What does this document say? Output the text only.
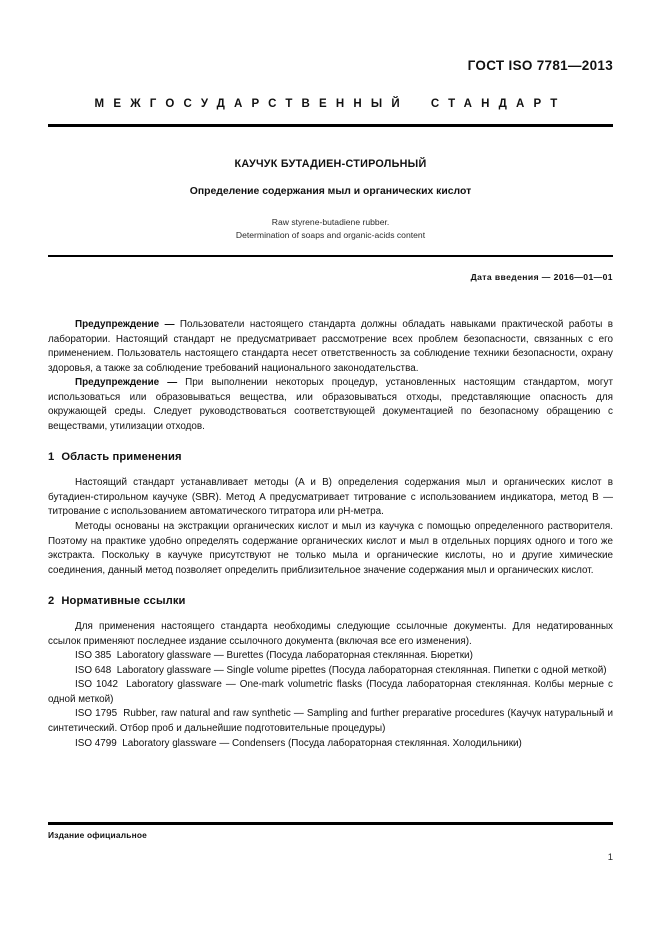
ГОСТ ISO 7781—2013
МЕЖГОСУДАРСТВЕННЫЙ СТАНДАРТ
КАУЧУК БУТАДИЕН-СТИРОЛЬНЫЙ
Определение содержания мыл и органических кислот
Raw styrene-butadiene rubber.
Determination of soaps and organic-acids content
Дата введения — 2016—01—01

Предупреждение — Пользователи настоящего стандарта должны обладать навыками практической работы в лаборатории. Настоящий стандарт не предусматривает рассмотрение всех проблем безопасности, связанных с его применением. Пользователь настоящего стандарта несет ответственность за соблюдение техники безопасности, охрану здоровья, а также за соблюдение требований национального законодательства.

Предупреждение — При выполнении некоторых процедур, установленных настоящим стандартом, могут использоваться или образовываться вещества, или образовываться отходы, представляющие опасность для окружающей среды. Следует руководствоваться соответствующей документацией по безопасному обращению с веществами, утилизации отходов.

1 Область применения

Настоящий стандарт устанавливает методы (A и B) определения содержания мыл и органических кислот в бутадиен-стирольном каучуке (SBR). Метод A предусматривает титрование с использованием индикатора, метод B — титрование с использованием автоматического титратора или pH-метра.

Методы основаны на экстракции органических кислот и мыл из каучука с помощью определенного растворителя. Поэтому на практике удобно определять содержание органических кислот и мыл в отдельных порциях одного и того же экстракта. Поскольку в каучуке присутствуют не только мыла и органические кислоты, но и другие химические соединения, данный метод позволяет определить приблизительное значение содержания мыл и органических кислот.

2 Нормативные ссылки

Для применения настоящего стандарта необходимы следующие ссылочные документы. Для недатированных ссылок применяют последнее издание ссылочного документа (включая все его изменения).

ISO 385 Laboratory glassware — Burettes (Посуда лабораторная стеклянная. Бюретки)

ISO 648 Laboratory glassware — Single volume pipettes (Посуда лабораторная стеклянная. Пипетки с одной меткой)

ISO 1042 Laboratory glassware — One-mark volumetric flasks (Посуда лабораторная стеклянная. Колбы мерные с одной меткой)

ISO 1795 Rubber, raw natural and raw synthetic — Sampling and further preparative procedures (Каучук натуральный и синтетический. Отбор проб и дальнейшие подготовительные процедуры)

ISO 4799 Laboratory glassware — Condensers (Посуда лабораторная стеклянная. Холодильники)

Издание официальное
1
